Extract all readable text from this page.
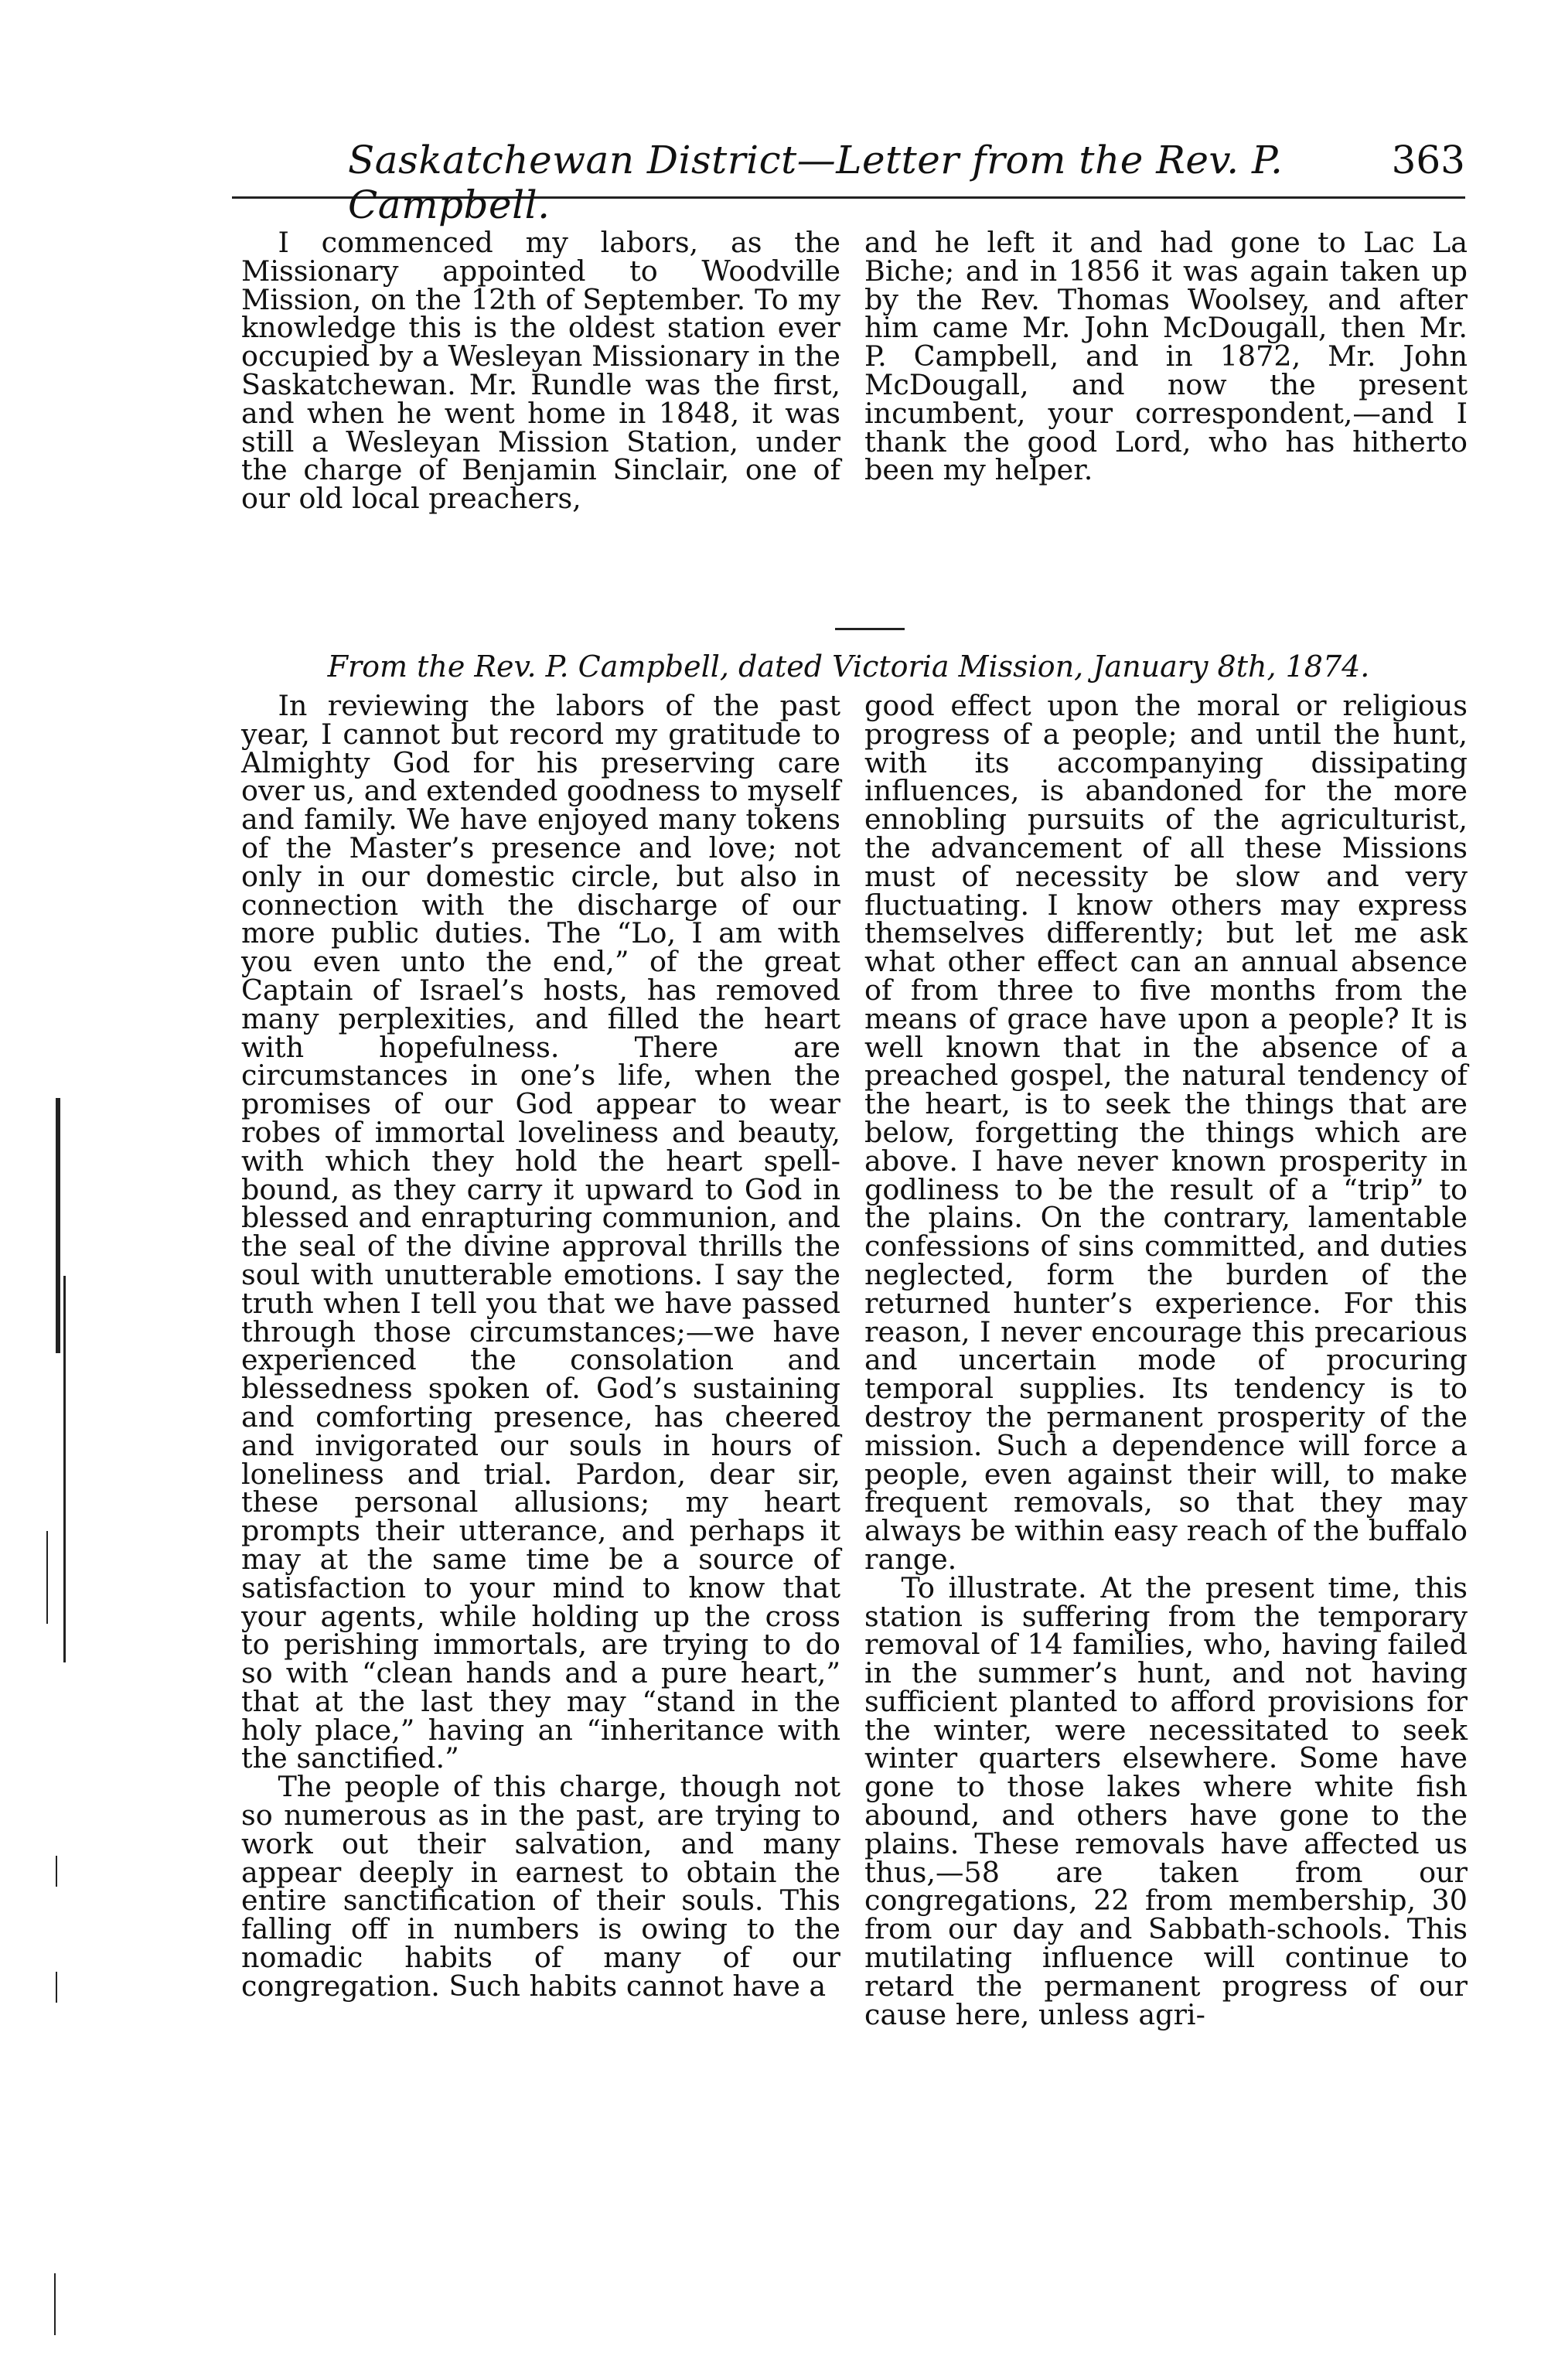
Saskatchewan District—Letter from the Rev. P. Campbell.
363

I commenced my labors, as the Missionary appointed to Woodville Mission, on the 12th of September. To my knowledge this is the oldest station ever occupied by a Wesleyan Missionary in the Saskatchewan. Mr. Rundle was the first, and when he went home in 1848, it was still a Wesleyan Mission Station, under the charge of Benjamin Sinclair, one of our old local preachers,

and he left it and had gone to Lac La Biche; and in 1856 it was again taken up by the Rev. Thomas Woolsey, and after him came Mr. John McDougall, then Mr. P. Campbell, and in 1872, Mr. John McDougall, and now the present incumbent, your correspondent,—and I thank the good Lord, who has hitherto been my helper.

From the Rev. P. Campbell, dated Victoria Mission, January 8th, 1874.

In reviewing the labors of the past year, I cannot but record my gratitude to Almighty God for his preserving care over us, and extended goodness to myself and family. We have enjoyed many tokens of the Master’s presence and love; not only in our domestic circle, but also in connection with the discharge of our more public duties. The “Lo, I am with you even unto the end,” of the great Captain of Israel’s hosts, has removed many perplexities, and filled the heart with hopefulness. There are circumstances in one’s life, when the promises of our God appear to wear robes of immortal loveliness and beauty, with which they hold the heart spell-bound, as they carry it upward to God in blessed and enrapturing communion, and the seal of the divine approval thrills the soul with unutterable emotions. I say the truth when I tell you that we have passed through those circumstances;—we have experienced the consolation and blessedness spoken of. God’s sustaining and comforting presence, has cheered and invigorated our souls in hours of loneliness and trial. Pardon, dear sir, these personal allusions; my heart prompts their utterance, and perhaps it may at the same time be a source of satisfaction to your mind to know that your agents, while holding up the cross to perishing immortals, are trying to do so with “clean hands and a pure heart,” that at the last they may “stand in the holy place,” having an “inheritance with the sanctified.”

The people of this charge, though not so numerous as in the past, are trying to work out their salvation, and many appear deeply in earnest to obtain the entire sanctification of their souls. This falling off in numbers is owing to the nomadic habits of many of our congregation. Such habits cannot have a

good effect upon the moral or religious progress of a people; and until the hunt, with its accompanying dissipating influences, is abandoned for the more ennobling pursuits of the agriculturist, the advancement of all these Missions must of necessity be slow and very fluctuating. I know others may express themselves differently; but let me ask what other effect can an annual absence of from three to five months from the means of grace have upon a people? It is well known that in the absence of a preached gospel, the natural tendency of the heart, is to seek the things that are below, forgetting the things which are above. I have never known prosperity in godliness to be the result of a “trip” to the plains. On the contrary, lamentable confessions of sins committed, and duties neglected, form the burden of the returned hunter’s experience. For this reason, I never encourage this precarious and uncertain mode of procuring temporal supplies. Its tendency is to destroy the permanent prosperity of the mission. Such a dependence will force a people, even against their will, to make frequent removals, so that they may always be within easy reach of the buffalo range.

To illustrate. At the present time, this station is suffering from the temporary removal of 14 families, who, having failed in the summer’s hunt, and not having sufficient planted to afford provisions for the winter, were necessitated to seek winter quarters elsewhere. Some have gone to those lakes where white fish abound, and others have gone to the plains. These removals have affected us thus,—58 are taken from our congregations, 22 from membership, 30 from our day and Sabbath-schools. This mutilating influence will continue to retard the permanent progress of our cause here, unless agri-
